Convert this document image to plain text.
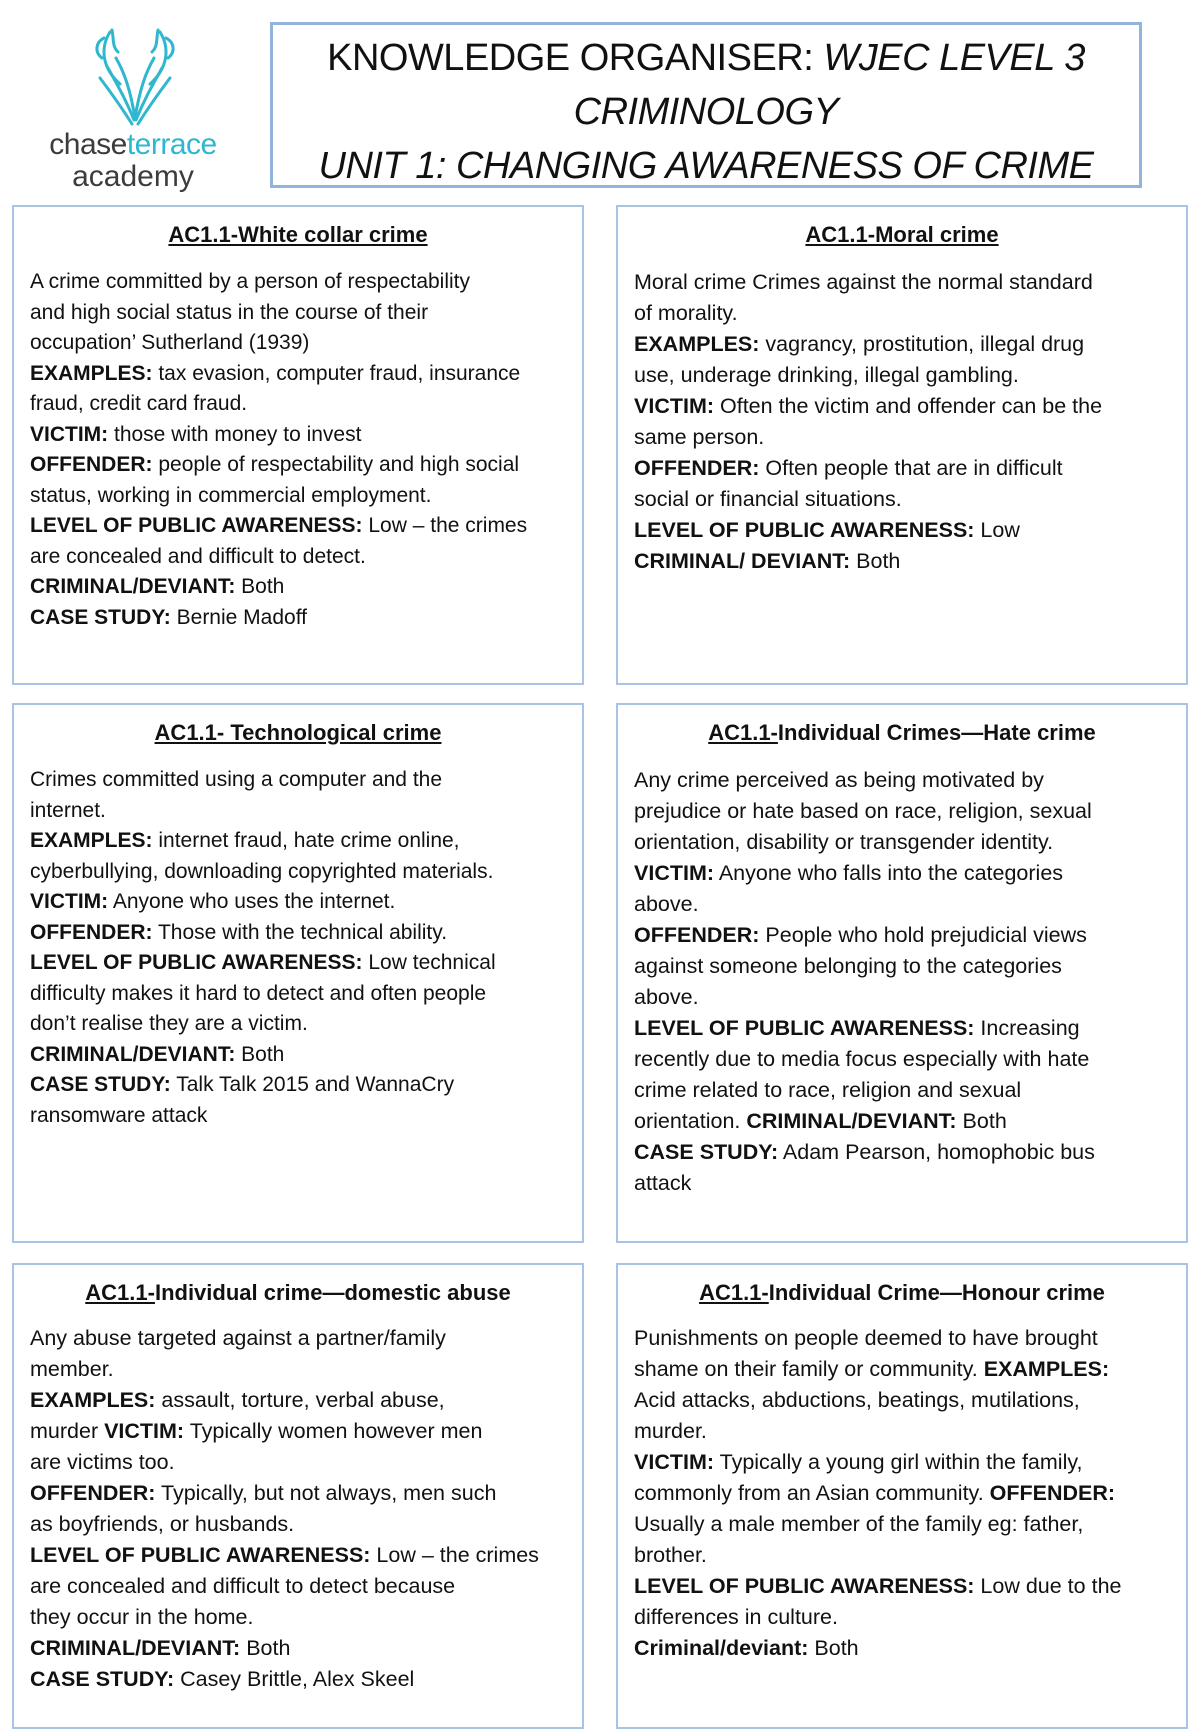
chaseterrace
academy
KNOWLEDGE ORGANISER: WJEC LEVEL 3
CRIMINOLOGY
UNIT 1: CHANGING AWARENESS OF CRIME
AC1.1-White collar crime

A crime committed by a person of respectability

and high social status in the course of their

occupation’ Sutherland (1939)

EXAMPLES: tax evasion, computer fraud, insurance

fraud, credit card fraud.

VICTIM: those with money to invest

OFFENDER: people of respectability and high social

status, working in commercial employment.

LEVEL OF PUBLIC AWARENESS: Low – the crimes

are concealed and difficult to detect.

CRIMINAL/DEVIANT: Both

CASE STUDY: Bernie Madoff

AC1.1-Moral crime

Moral crime Crimes against the normal standard

of morality.

EXAMPLES: vagrancy, prostitution, illegal drug

use, underage drinking, illegal gambling.

VICTIM: Often the victim and offender can be the

same person.

OFFENDER: Often people that are in difficult

social or financial situations.

LEVEL OF PUBLIC AWARENESS: Low

CRIMINAL/ DEVIANT: Both

AC1.1- Technological crime

Crimes committed using a computer and the

internet.

EXAMPLES: internet fraud, hate crime online,

cyberbullying, downloading copyrighted materials.

VICTIM: Anyone who uses the internet.

OFFENDER: Those with the technical ability.

LEVEL OF PUBLIC AWARENESS: Low technical

difficulty makes it hard to detect and often people

don’t realise they are a victim.

CRIMINAL/DEVIANT: Both

CASE STUDY: Talk Talk 2015 and WannaCry

ransomware attack

AC1.1-Individual Crimes—Hate crime

Any crime perceived as being motivated by

prejudice or hate based on race, religion, sexual

orientation, disability or transgender identity.

VICTIM: Anyone who falls into the categories

above.

OFFENDER: People who hold prejudicial views

against someone belonging to the categories

above.

LEVEL OF PUBLIC AWARENESS: Increasing

recently due to media focus especially with hate

crime related to race, religion and sexual

orientation. CRIMINAL/DEVIANT: Both

CASE STUDY: Adam Pearson, homophobic bus

attack

AC1.1-Individual crime—domestic abuse

Any abuse targeted against a partner/family

member.

EXAMPLES: assault, torture, verbal abuse,

murder VICTIM: Typically women however men

are victims too.

OFFENDER: Typically, but not always, men such

as boyfriends, or husbands.

LEVEL OF PUBLIC AWARENESS: Low – the crimes

are concealed and difficult to detect because

they occur in the home.

CRIMINAL/DEVIANT: Both

CASE STUDY: Casey Brittle, Alex Skeel

AC1.1-Individual Crime—Honour crime

Punishments on people deemed to have brought

shame on their family or community. EXAMPLES:

Acid attacks, abductions, beatings, mutilations,

murder.

VICTIM: Typically a young girl within the family,

commonly from an Asian community. OFFENDER:

Usually a male member of the family eg: father,

brother.

LEVEL OF PUBLIC AWARENESS: Low due to the

differences in culture.

Criminal/deviant: Both
